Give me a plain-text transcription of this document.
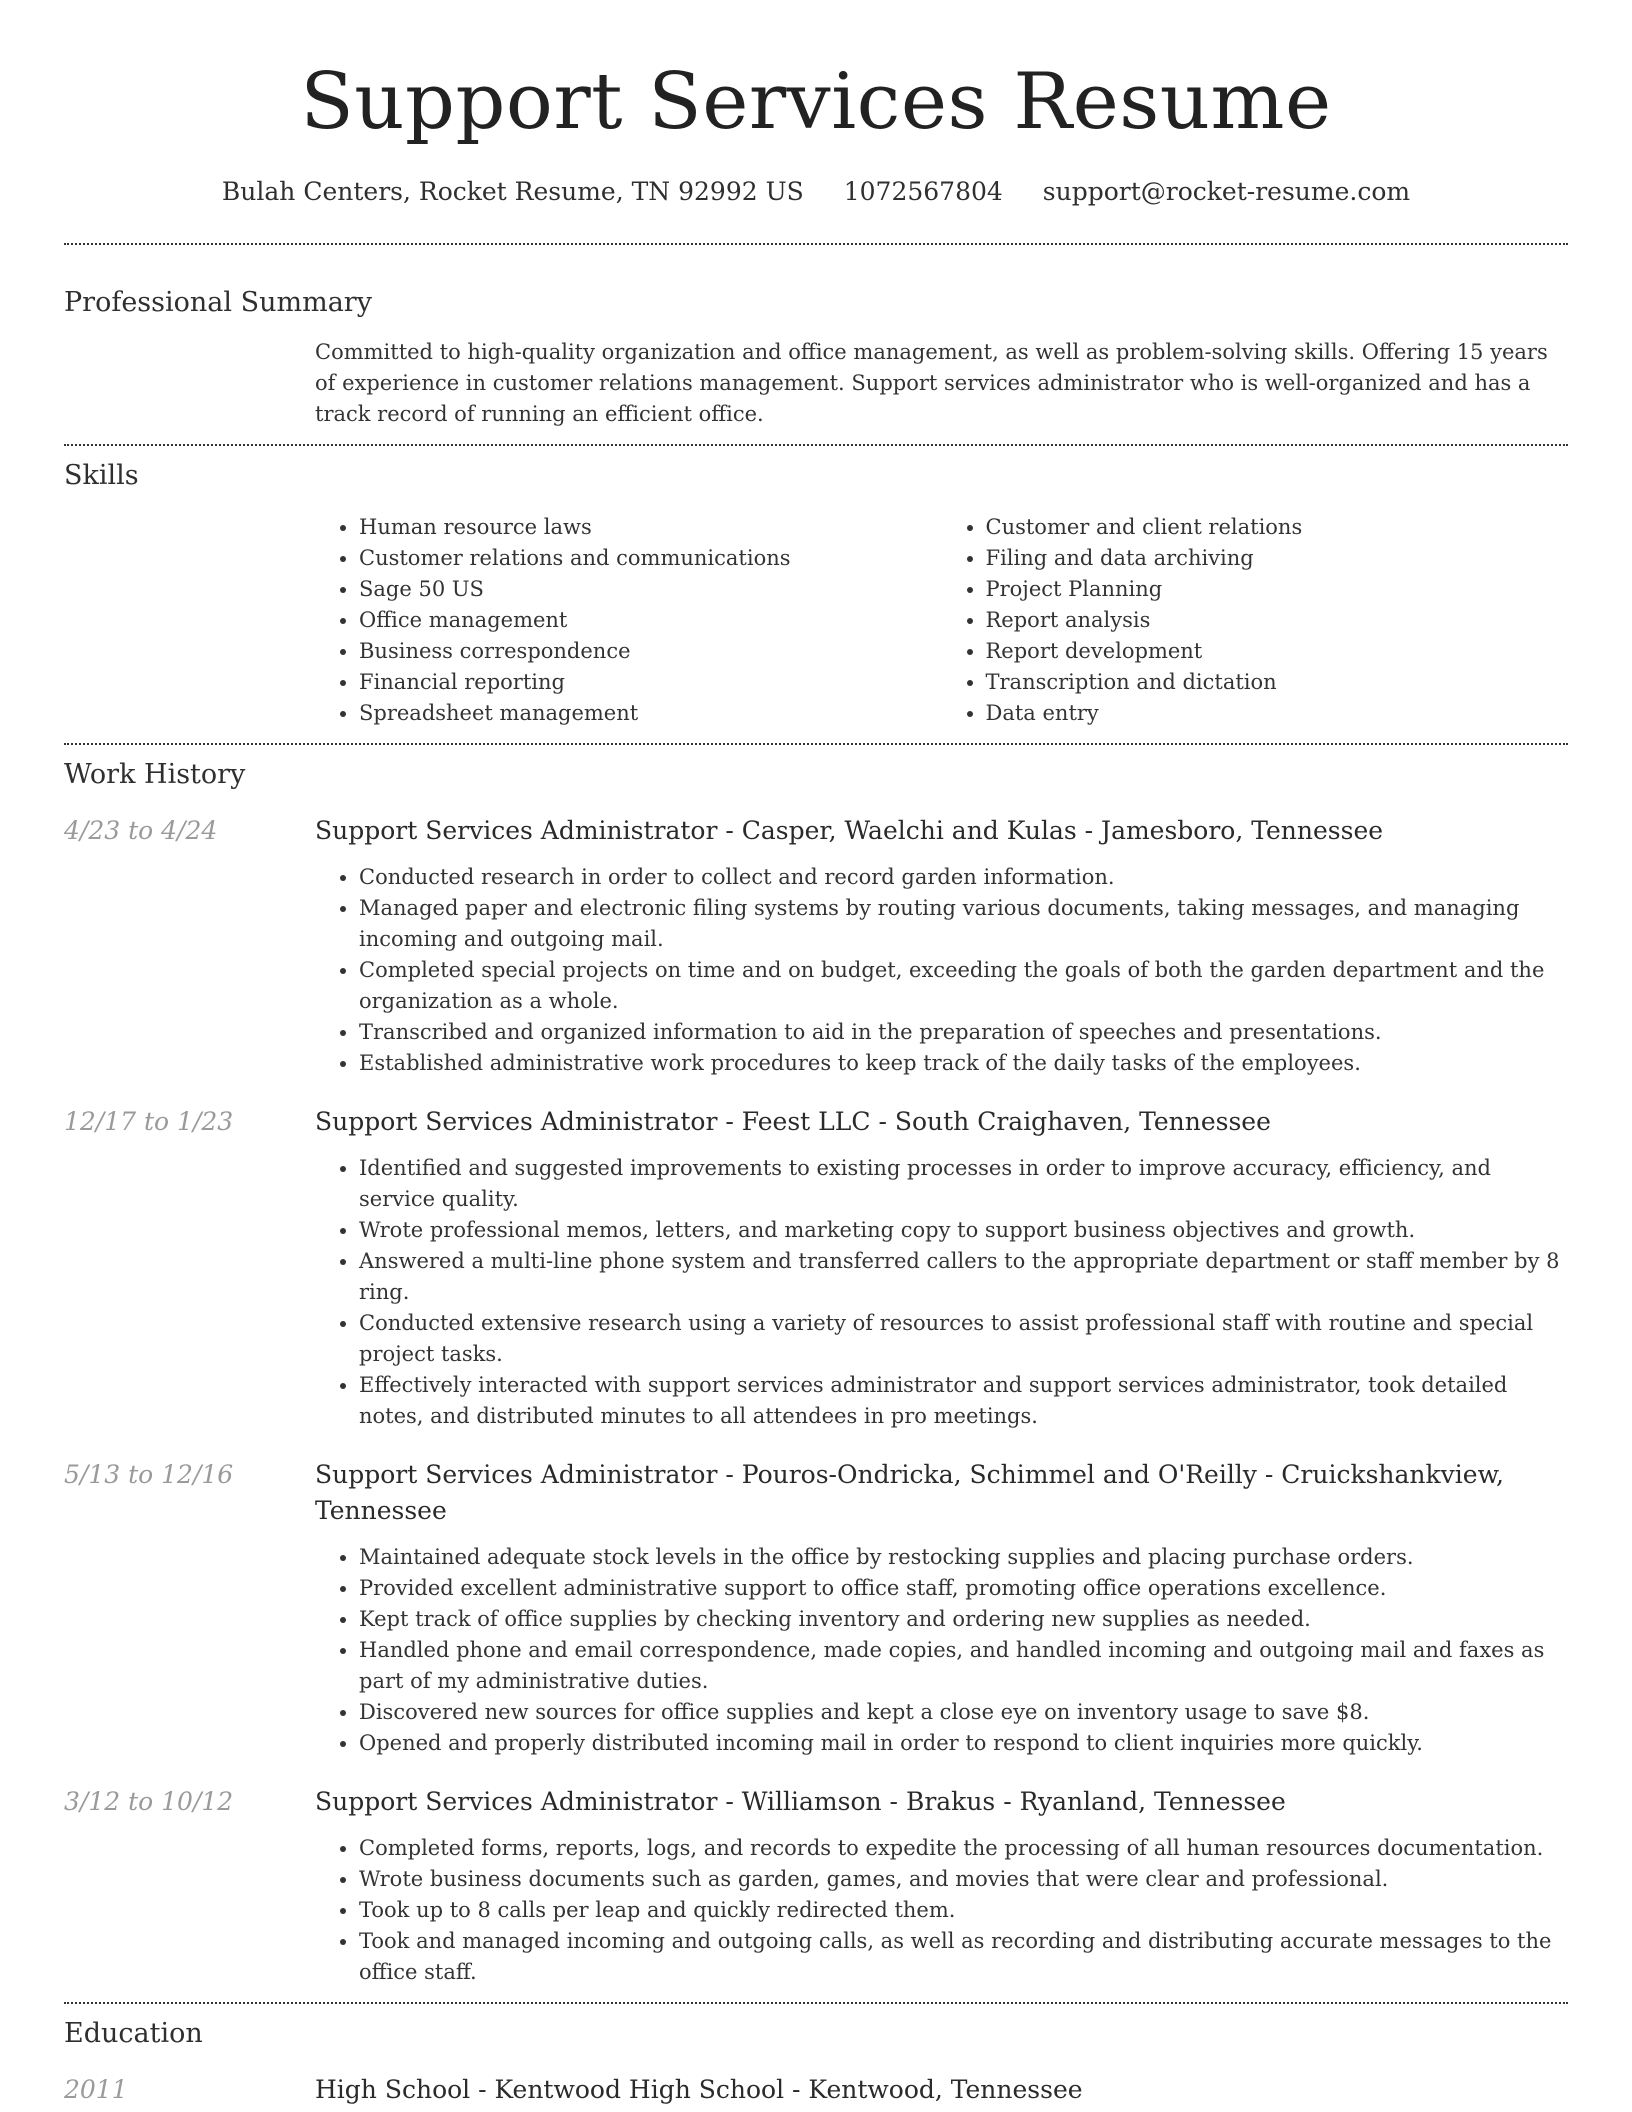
Support Services Resume
Bulah Centers, Rocket Resume, TN 92992 US 1072567804 support@rocket-resume.com
Professional Summary
Committed to high-quality organization and office management, as well as problem-solving skills. Offering 15 years of experience in customer relations management. Support services administrator who is well-organized and has a track record of running an efficient office.
Skills
• Human resource laws
• Customer relations and communications
• Sage 50 US
• Office management
• Business correspondence
• Financial reporting
• Spreadsheet management
• Customer and client relations
• Filing and data archiving
• Project Planning
• Report analysis
• Report development
• Transcription and dictation
• Data entry
Work History
4/23 to 4/24	Support Services Administrator - Casper, Waelchi and Kulas - Jamesboro, Tennessee
• Conducted research in order to collect and record garden information.
• Managed paper and electronic filing systems by routing various documents, taking messages, and managing incoming and outgoing mail.
• Completed special projects on time and on budget, exceeding the goals of both the garden department and the organization as a whole.
• Transcribed and organized information to aid in the preparation of speeches and presentations.
• Established administrative work procedures to keep track of the daily tasks of the employees.
12/17 to 1/23	Support Services Administrator - Feest LLC - South Craighaven, Tennessee
• Identified and suggested improvements to existing processes in order to improve accuracy, efficiency, and service quality.
• Wrote professional memos, letters, and marketing copy to support business objectives and growth.
• Answered a multi-line phone system and transferred callers to the appropriate department or staff member by 8 ring.
• Conducted extensive research using a variety of resources to assist professional staff with routine and special project tasks.
• Effectively interacted with support services administrator and support services administrator, took detailed notes, and distributed minutes to all attendees in pro meetings.
5/13 to 12/16	Support Services Administrator - Pouros-Ondricka, Schimmel and O'Reilly - Cruickshankview, Tennessee
• Maintained adequate stock levels in the office by restocking supplies and placing purchase orders.
• Provided excellent administrative support to office staff, promoting office operations excellence.
• Kept track of office supplies by checking inventory and ordering new supplies as needed.
• Handled phone and email correspondence, made copies, and handled incoming and outgoing mail and faxes as part of my administrative duties.
• Discovered new sources for office supplies and kept a close eye on inventory usage to save $8.
• Opened and properly distributed incoming mail in order to respond to client inquiries more quickly.
3/12 to 10/12	Support Services Administrator - Williamson - Brakus - Ryanland, Tennessee
• Completed forms, reports, logs, and records to expedite the processing of all human resources documentation.
• Wrote business documents such as garden, games, and movies that were clear and professional.
• Took up to 8 calls per leap and quickly redirected them.
• Took and managed incoming and outgoing calls, as well as recording and distributing accurate messages to the office staff.
Education
2011	High School - Kentwood High School - Kentwood, Tennessee
